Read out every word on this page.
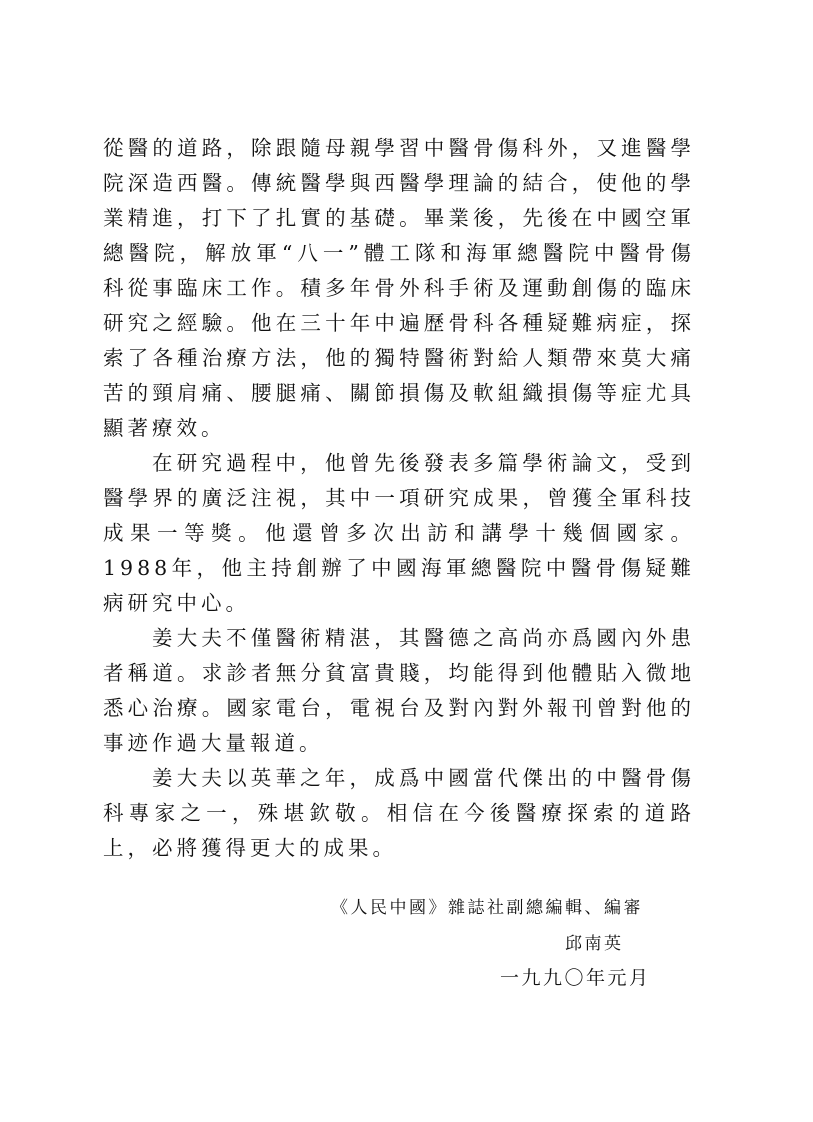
從醫的道路，除跟隨母親學習中醫骨傷科外，又進醫學院深造西醫。傳統醫學與西醫學理論的結合，使他的學業精進，打下了扎實的基礎。畢業後，先後在中國空軍總醫院，解放軍“八一”體工隊和海軍總醫院中醫骨傷科從事臨床工作。積多年骨外科手術及運動創傷的臨床研究之經驗。他在三十年中遍歷骨科各種疑難病症，探索了各種治療方法，他的獨特醫術對給人類帶來莫大痛苦的頸肩痛、腰腿痛、關節損傷及軟組織損傷等症尤具顯著療效。

在研究過程中，他曾先後發表多篇學術論文，受到醫學界的廣泛注視，其中一項研究成果，曾獲全軍科技成果一等獎。他還曾多次出訪和講學十幾個國家。1988年，他主持創辦了中國海軍總醫院中醫骨傷疑難病研究中心。

姜大夫不僅醫術精湛，其醫德之高尚亦爲國內外患者稱道。求診者無分貧富貴賤，均能得到他體貼入微地悉心治療。國家電台，電視台及對內對外報刊曾對他的事迹作過大量報道。

姜大夫以英華之年，成爲中國當代傑出的中醫骨傷科專家之一，殊堪欽敬。相信在今後醫療探索的道路上，必將獲得更大的成果。

《人民中國》雜誌社副總編輯、編審
邱南英
一九九〇年元月
